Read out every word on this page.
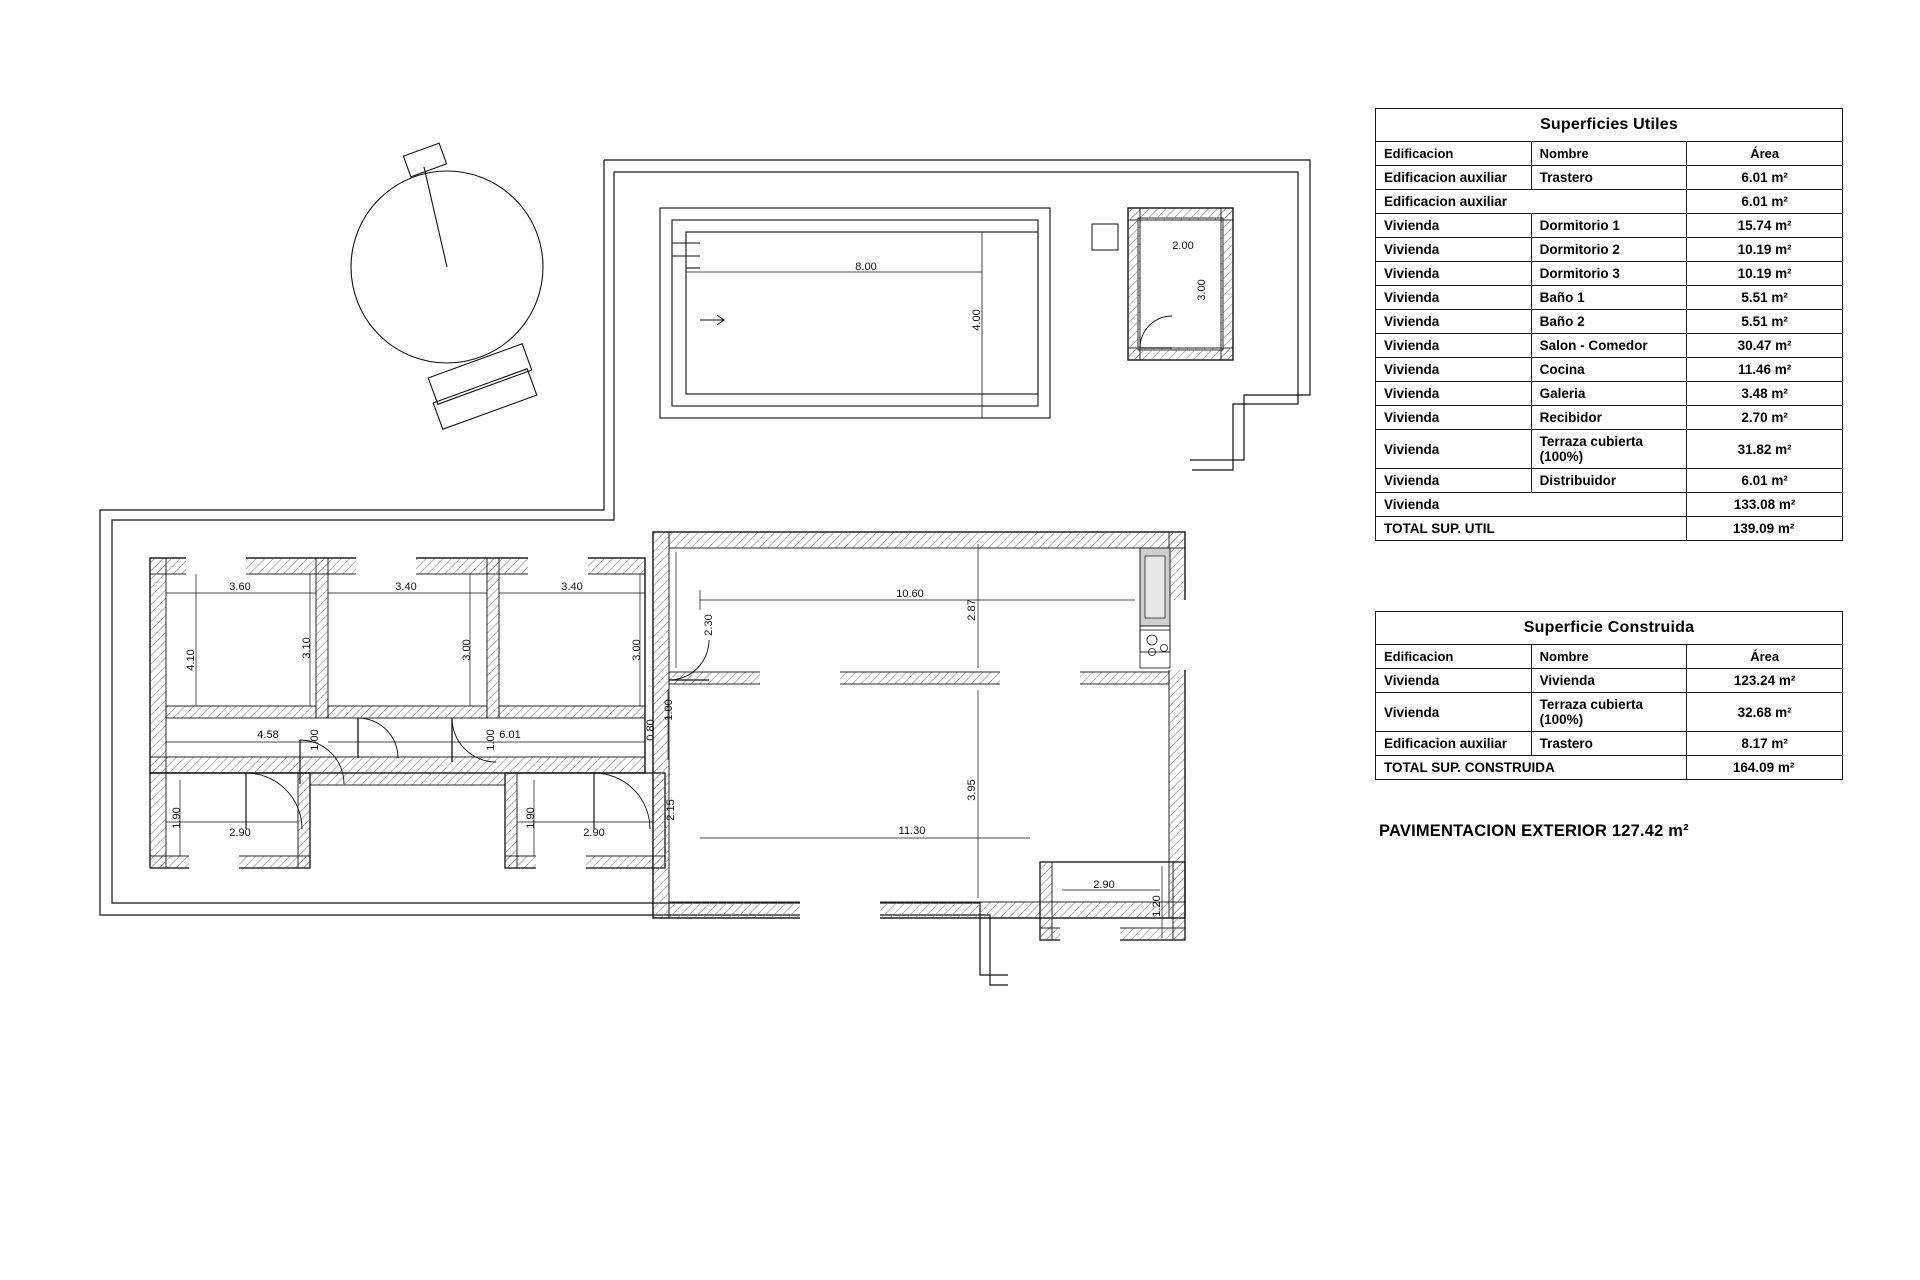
8.00
4.00
2.00
3.00
3.60	3.40	3.40
4.10
3.10	3.00	3.00
4.58	6.01
1.00	1.00
1.00
0.80
1.90
2.90
1.90
2.90
2.15
2.30
10.60
2.87
3.95
11.30
2.90
1.20
Superficies Utiles		
Edificacion	Nombre	Área
Edificacion auxiliar	Trastero	6.01 m²
Edificacion auxiliar		6.01 m²
Vivienda	Dormitorio 1	15.74 m²
Vivienda	Dormitorio 2	10.19 m²
Vivienda	Dormitorio 3	10.19 m²
Vivienda	Baño 1	5.51 m²
Vivienda	Baño 2	5.51 m²
Vivienda	Salon - Comedor	30.47 m²
Vivienda	Cocina	11.46 m²
Vivienda	Galeria	3.48 m²
Vivienda	Recibidor	2.70 m²
Vivienda	Terraza cubierta (100%)	31.82 m²
Vivienda	Distribuidor	6.01 m²
Vivienda		133.08 m²
TOTAL SUP. UTIL		139.09 m²
Superficie Construida		
Edificacion	Nombre	Área
Vivienda	Vivienda	123.24 m²
Vivienda	Terraza cubierta (100%)	32.68 m²
Edificacion auxiliar	Trastero	8.17 m²
TOTAL SUP. CONSTRUIDA		164.09 m²
PAVIMENTACION EXTERIOR 127.42 m²
